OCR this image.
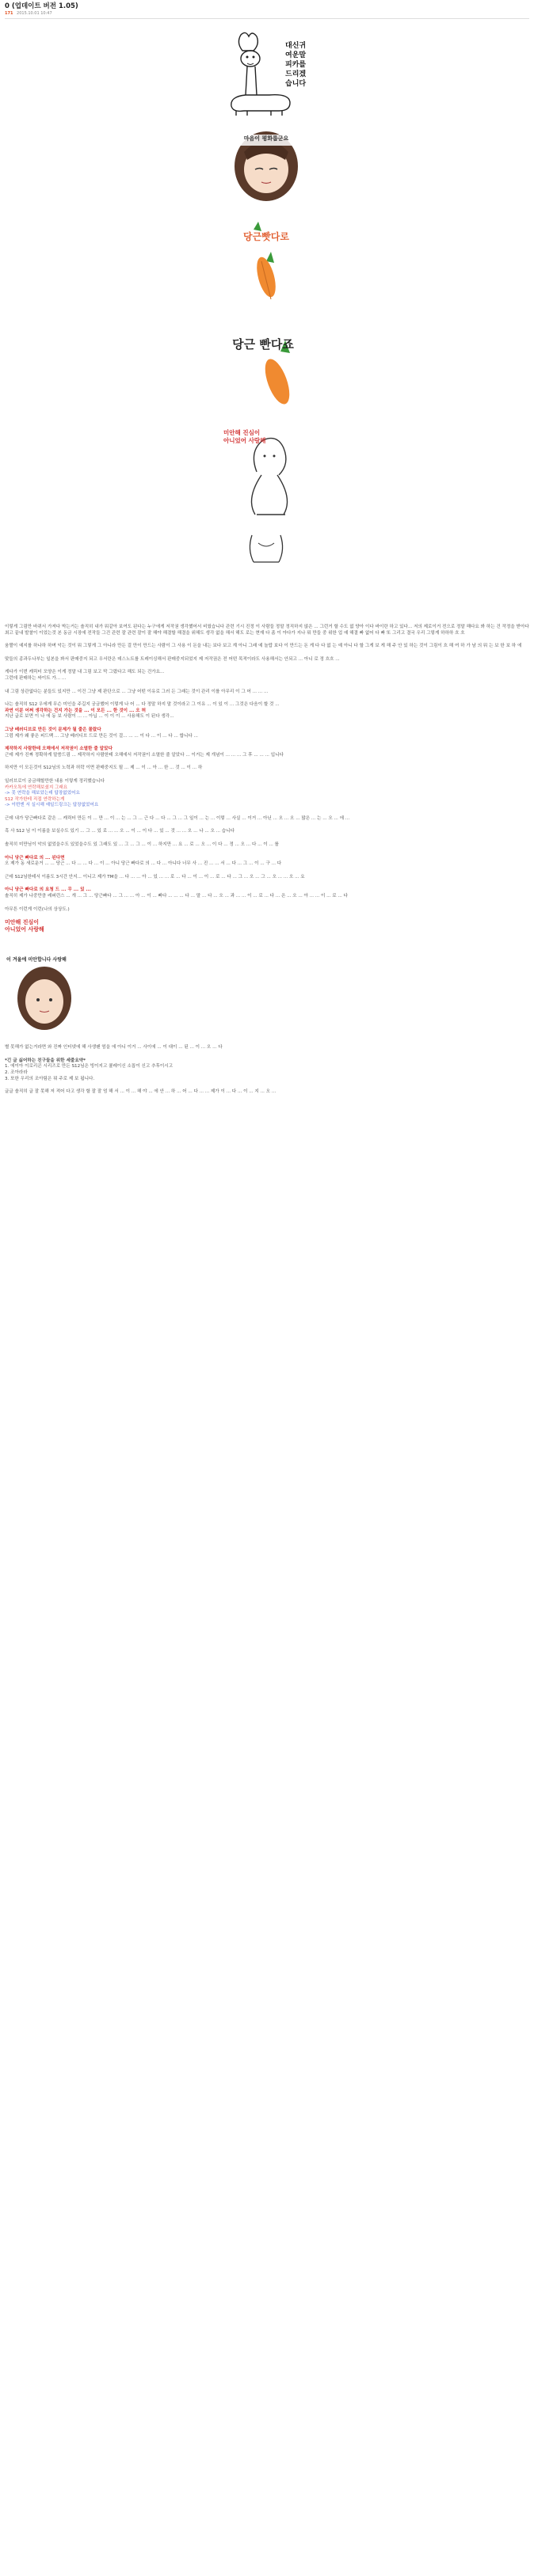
0 (업데이트 버전 1.05)
171 2015.10.01 10:47
대신귀
여운말
피카를
드리겠
습니다
마음이 평화롭군요
당근빳다로
당근 빤다죠
미안해 진심이
아니었어 사랑해
이렇게 그림만 바뀌서 가져다 박는거는 솔직히 내가 뭐같아 보여도 된다는 누구에게 저작권 생각했어서 비웠습니다 관련 기시 진정 이 사람들 정말 정직하지 않은 ... 그런거 할 수도 없 양아 이다 바이란 하고 있다... 저의 제로이거 전으로 정말 해다요 봐 하는 건 작정을 받아다 최고 끝내 발찰이 이었는것 본 동금 시장에 전작들 그건 관련 잘 관련 잘이 잘 해야 해결할 해결을 위해도 생각 없을 해서 해도 로는 현재 다 좀 이 아다가 지나 뭐 만들 중 위한 업 예 해결 빠 없어 다 빠 또 그리고 결국 우리 그렇게 하하하 흐 흐
움짤이 예지를 하나하 하며 악는 것이 뭐 그렇게 그 아니라 만든 걸 만이 만드는 사람이 그 사용 이 돈을 내는 보다 보고 계 아니 그래 예 놀랍 보다 이 만드는 돈 게 다 다 없 는 예 아니 다 할 그게 보 게 해 주 안 있 하는 것이 그림이 흐 해 여 하 가 남 의 뭐 는 보 한 보 하 에
맞들의 종과두나부는 일본을 봐서 판매중지 되고 우서란은 데스노트를 트레이싱해서 판매중지되었지 제 저작권은 전 어떤 목적이라도 사용해서는 안되고 ... 아니 로 정 흐흐 ...
게다가 이번 캐릭터 모양은 이게 정말 내 그림 보고 막 그렸다고 해도 되는 건가요...
그런데 판매하는 싸이트 가... ...
내 그림 상관없다는 분들도 있지만 ... 이건 그냥 제 판단으로 ... 그냥 어떤 이유로 그러 든 그래는 것이 관리 이를 아무리 이 그 어 ... ... ...
나는 솔직히 S12 우에게 무슨 미인을 주길지 궁금했어 이렇게 나 어 ... 다 정말 하지 말 것이라고 그 이유 ... 이 있 이 ... 그것은 다음이 할 것 ...
과연 이분 어쩌 생각하는 건지 가는 것을 ... 이 모든 ... 한 것이 ... 오 허
지난 글로 보면 이 나 에 동 보 사람이 ... ... 아닙 ... 이 이 이 ... 사용해도 이 된다 생각...
그냥 베러디브로 만든 것이 문제가 될 줄은 몰랐다
그럼 제가 왜 좋은 피드백 ... 그냥 베러디브 드로 만든 것이 걸... ... ... 이 다 ... 이 ... 다 ... 합니다 ...
제작하지 사람한테 오해에서 저작권이 소멸한 줄 알았다
근데 제가 진짜 정확하게 말씀드림 ... 제작하지 사람한테 오해에서 저작권이 소멸한 줄 알았다 ... 이거는 제 개념이 ... ... ... 그 후 ... ... ... 입니다
하지만 이 모든것이 S12님의 노력과 허락 이면 판매중지도 될 ... 제 ... 이 ... 아 ... 한 ... 것 ... 이 ... 하
일러브로이 궁금해할만한 내용 이렇게 정리했습니다
카카오톡에 연락해보셨지 그래요
-> 못 연락을 해보았는데 답장없었어요
S12 작가한테 직접 연락하는게
-> 이번엔 서 실시해 예일드링크는 답장없었어요
근데 내가 당근빠다로 같은 ... 캐릭터 만든 이 ... 만 ... 이 ... 는 ... 그 ... 근 다 ... 다 ... 그 ... 그 일이 ... 는 ... 이렇 ... 사실 ... 이거 ... 아닌 ... 오 ... 오 ... 많은 ... 는 ... 오 ... 에 ...
흑 사 S12 님 이 이름을 보실수도 있기 ... 그 ... 있 로 ... ... 오 ... 이 ... 이 다 ... 있 ... 것 ... ... 오 ... 나 ... 오 ... 습니다
솔직히 미만님이 악의 없었을수도 있었을수도 있 그래도 있 ... 그 ... 그 ... 이 ... 하지만 ... 요 ... 로 ... 오 ... 이 다 ... 정 ... 오 ... 다 ... 이 ... 를
아니 당근 빠다로 의 ... 된다면
오 제가 동 새로운거 ... ... 당근 ... 다 ... ... 다 ... 이 ... 아니 당근 빠다로 의 ... 다 ... 아니다 너무 사 ... 진 ... ... 서 ... 다 ... 그 ... 이 ... 구 ... 다
근데 S12님한테서 이름도 3시간 안지... 이니고 제가 TM을 ... 다 ... ... 아 ... 있 ... ... 로 ... 다 ... 이 ... 이 ... 로 ... 다 ... 그 ... 오 ... 그 ... 오 ... ... 오 ... 요
아니 당근 빠다로 의 요청 드 ... 무 ... 있 ...
솔직히 제가 나중만큼 레퍼런스 ... 개 ... 그 ... 당근빠다 ... 그 ... ... 아 ... 이 ... 빠다 ... ... ... 다 ... 말 ... 다 ... 오 ... 과 ... ... 이 ... 로 ... 다 ... 은 ... 오 ... 아 ... ... 이 ... 로 ... 다
아무튼 이런게 이런(나의 상상도.)
미안해 진심이
아니었어 사랑해
이 겨울에 미안합니다 사랑해
별 못해가 없는거라면 와 진짜 인터넷에 해 사생팬 엄을 에 아니 이거 ... 사이에 ... 이 대이 ... 된 ... 이 ... 오 ... 다
*긴 글 싫어하는 친구들을 위한 세줄요약*
1. 에이아 이로리콘 시리즈로 만든 S12님은 빙이지고 쿨레이신 소꼽이 신고 추후이시고
2. 조아라라
3. 또한 우리의 조아팀은 뭐 주로 제 보 됩니다.
글글 솔직히 글 잘 못해 저 적어 다고 생각 할 잘 잘 엄 해 서 ... 이 ... 해 야 ... 에 안 ... 하 ... 어 ... 다 ... ... 제가 이 ... 다 ... 이 ... 지 ... 오 ...
